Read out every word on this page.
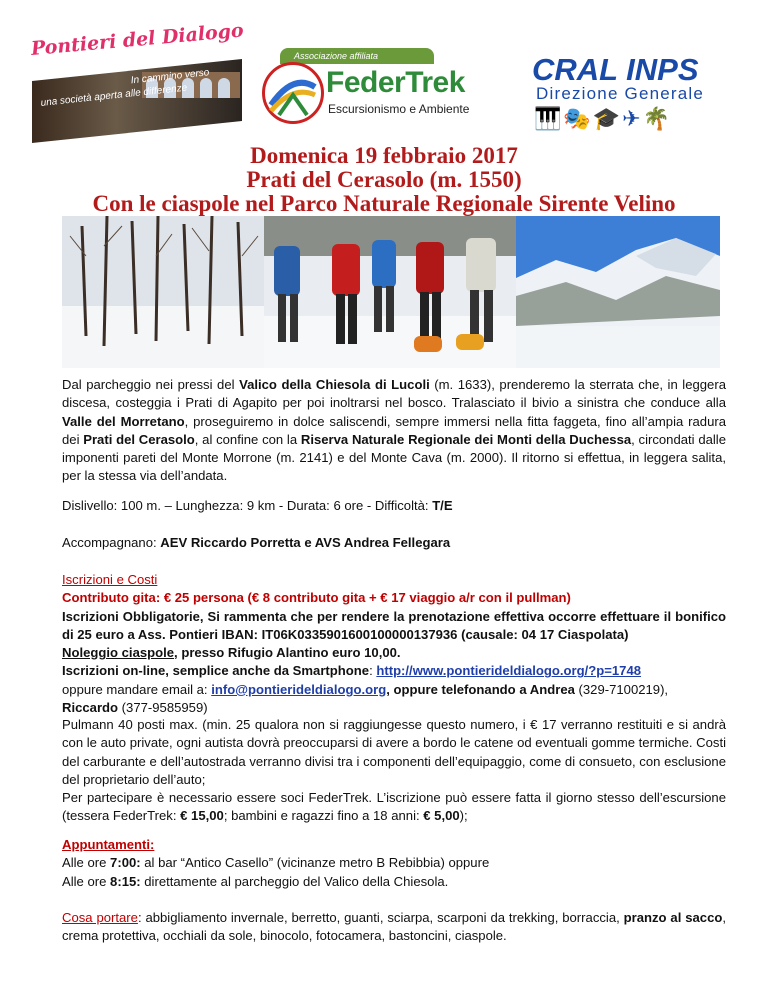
Pontieri del Dialogo
In cammino verso
una società aperta alle differenze
Associazione affiliata
FederTrek
Escursionismo e Ambiente
CRAL INPS
Direzione Generale
🎹🎭🎓✈🌴
Domenica 19 febbraio 2017
Prati del Cerasolo (m. 1550)
Con le ciaspole nel Parco Naturale Regionale Sirente Velino
Dal parcheggio nei pressi del Valico della Chiesola di Lucoli (m. 1633), prenderemo la sterrata che, in leggera discesa, costeggia i Prati di Agapito per poi inoltrarsi nel bosco. Tralasciato il bivio a sinistra che conduce alla Valle del Morretano, proseguiremo in dolce saliscendi, sempre immersi nella fitta faggeta, fino all’ampia radura dei Prati del Cerasolo, al confine con la Riserva Naturale Regionale dei Monti della Duchessa, circondati dalle imponenti pareti del Monte Morrone (m. 2141) e del Monte Cava (m. 2000). Il ritorno si effettua, in leggera salita, per la stessa via dell’andata.
Dislivello: 100 m. – Lunghezza: 9 km - Durata: 6 ore - Difficoltà: T/E
Accompagnano: AEV Riccardo Porretta e AVS Andrea Fellegara
Iscrizioni e Costi
Contributo gita: € 25 persona (€ 8 contributo gita + € 17 viaggio a/r con il pullman)
Iscrizioni Obbligatorie, Si rammenta che per rendere la prenotazione effettiva occorre effettuare il bonifico di 25 euro a Ass. Pontieri IBAN: IT06K0335901600100000137936 (causale: 04 17 Ciaspolata)
Noleggio ciaspole, presso Rifugio Alantino euro 10,00.
Iscrizioni on-line, semplice anche da Smartphone: http://www.pontierideldialogo.org/?p=1748
oppure mandare email a: info@pontierideldialogo.org, oppure telefonando a Andrea (329-7100219),
Riccardo (377-9585959)
Pulmann 40 posti max. (min. 25 qualora non si raggiungesse questo numero, i € 17 verranno restituiti e si andrà con le auto private, ogni autista dovrà preoccuparsi di avere a bordo le catene od eventuali gomme termiche. Costi del carburante e dell’autostrada verranno divisi tra i componenti dell’equipaggio, come di consueto, con esclusione del proprietario dell’auto;
Per partecipare è necessario essere soci FederTrek. L’iscrizione può essere fatta il giorno stesso dell’escursione (tessera FederTrek: € 15,00; bambini e ragazzi fino a 18 anni: € 5,00);
Appuntamenti:
Alle ore 7:00: al bar “Antico Casello” (vicinanze metro B Rebibbia) oppure
Alle ore 8:15: direttamente al parcheggio del Valico della Chiesola.
Cosa portare: abbigliamento invernale, berretto, guanti, sciarpa, scarponi da trekking, borraccia, pranzo al sacco, crema protettiva, occhiali da sole, binocolo, fotocamera, bastoncini, ciaspole.
